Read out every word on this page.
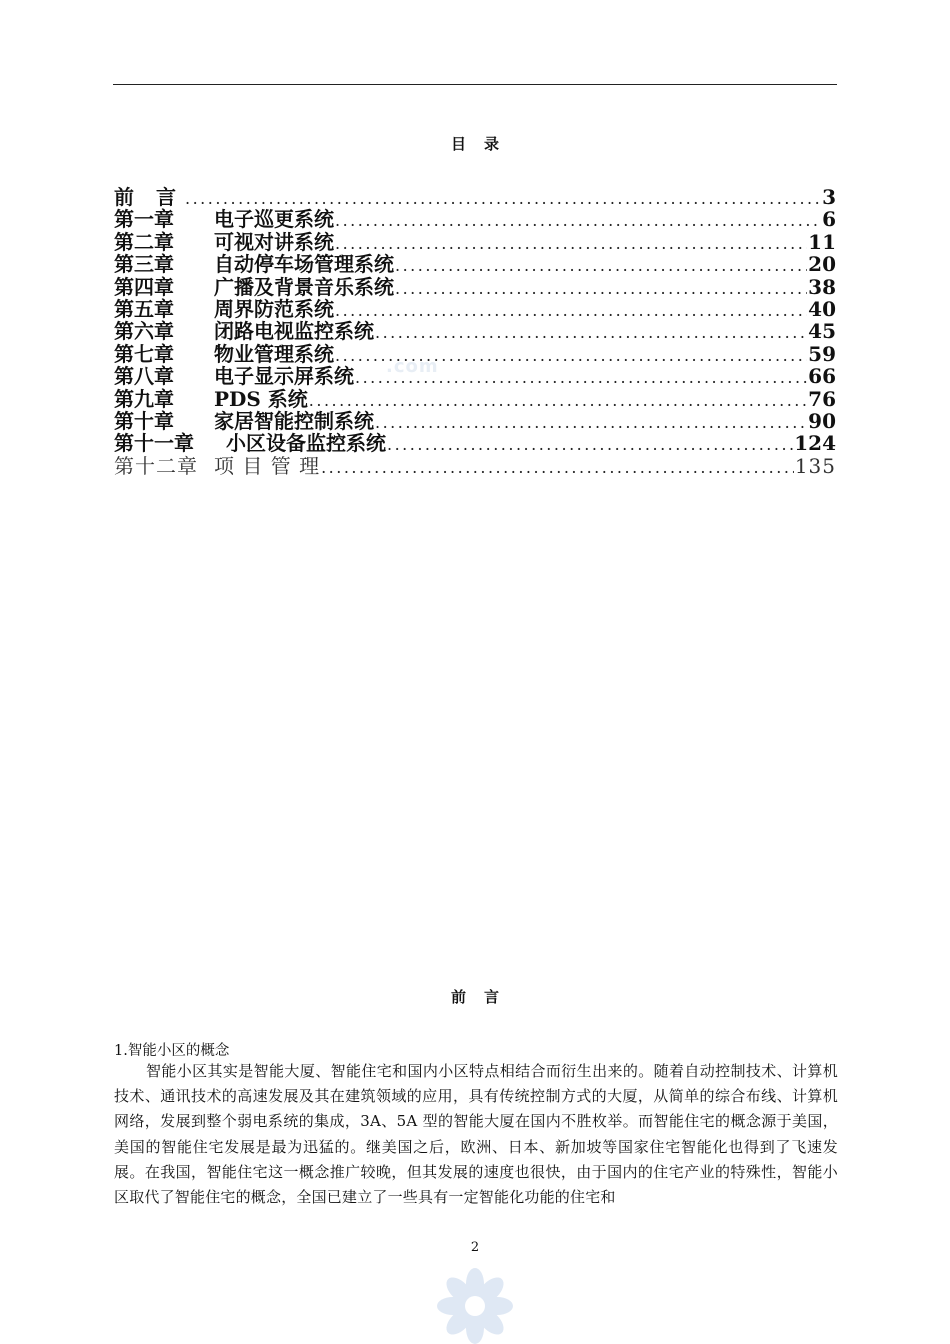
目录
前言 .....	3
第一章	电子巡更系统 .....	6
第二章	可视对讲系统 .....	11
第三章	自动停车场管理系统 .....	20
第四章	广播及背景音乐系统 .....	38
第五章	周界防范系统 .....	40
第六章	闭路电视监控系统 .....	45
第七章	物业管理系统 .....	59
第八章	电子显示屏系统 .....	66
第九章	PDS 系统 .....	76
第十章	家居智能控制系统 .....	90
第十一章	小区设备监控系统 .....	124
第十二章 项 目 管 理 .....	135
.com
前言
1.智能小区的概念
智能小区其实是智能大厦、智能住宅和国内小区特点相结合而衍生出来的。随着自动控制技术、计算机技术、通讯技术的高速发展及其在建筑领域的应用，具有传统控制方式的大厦，从简单的综合布线、计算机网络，发展到整个弱电系统的集成，3A、5A 型的智能大厦在国内不胜枚举。而智能住宅的概念源于美国，美国的智能住宅发展是最为迅猛的。继美国之后，欧洲、日本、新加坡等国家住宅智能化也得到了飞速发展。在我国，智能住宅这一概念推广较晚，但其发展的速度也很快，由于国内的住宅产业的特殊性，智能小区取代了智能住宅的概念，全国已建立了一些具有一定智能化功能的住宅和
2
